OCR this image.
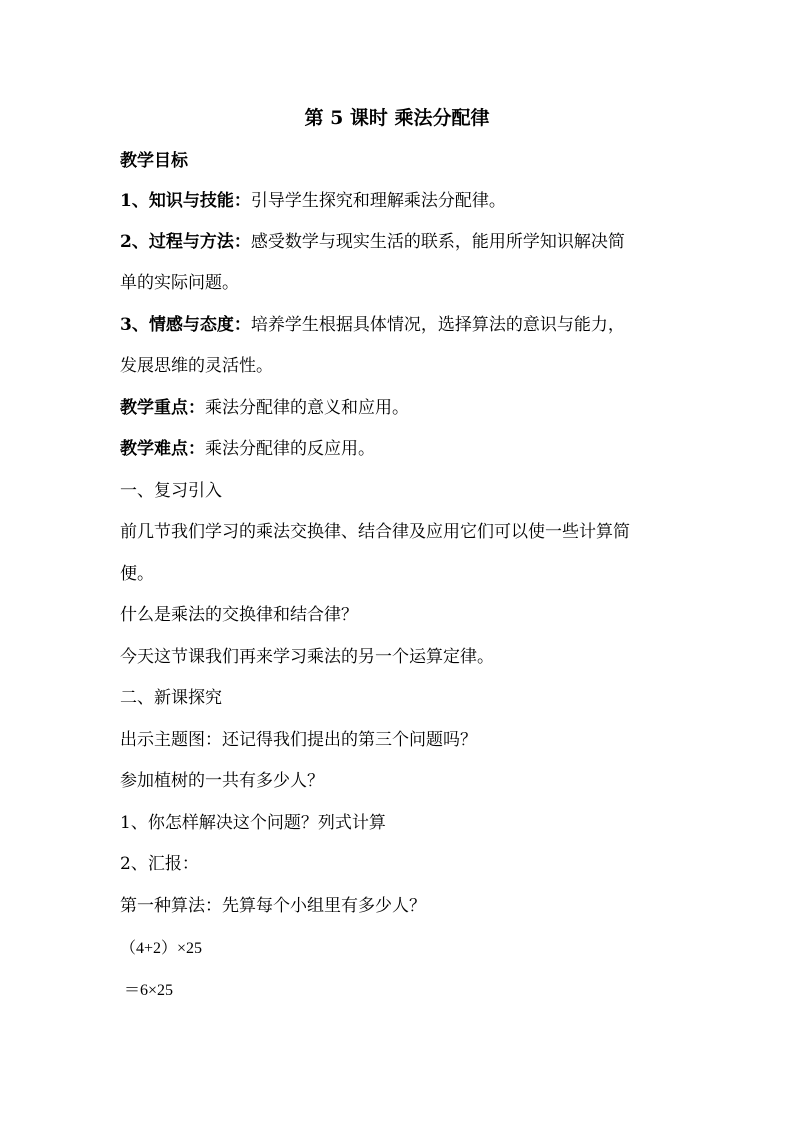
第 5 课时 乘法分配律
教学目标
1、知识与技能：引导学生探究和理解乘法分配律。
2、过程与方法：感受数学与现实生活的联系，能用所学知识解决简
单的实际问题。
3、情感与态度：培养学生根据具体情况，选择算法的意识与能力，
发展思维的灵活性。
教学重点：乘法分配律的意义和应用。
教学难点：乘法分配律的反应用。
一、复习引入
前几节我们学习的乘法交换律、结合律及应用它们可以使一些计算简
便。
什么是乘法的交换律和结合律？
今天这节课我们再来学习乘法的另一个运算定律。
二、新课探究
出示主题图：还记得我们提出的第三个问题吗？
参加植树的一共有多少人？
1、你怎样解决这个问题？列式计算
2、汇报：
第一种算法：先算每个小组里有多少人？
（4+2）×25
＝6×25
